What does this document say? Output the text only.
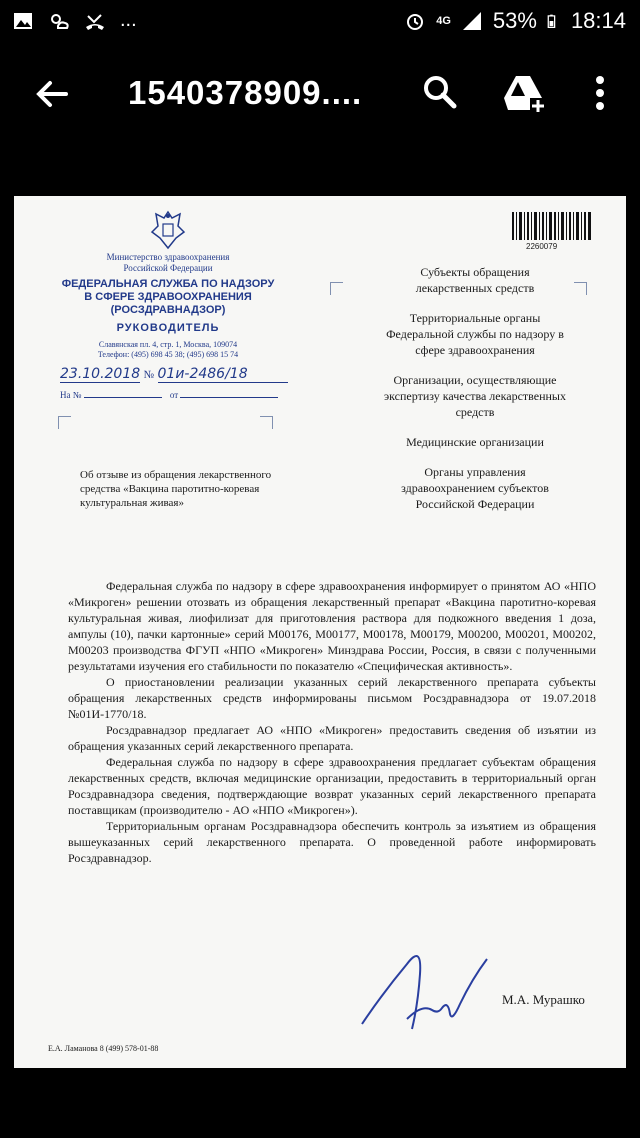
...	4G 53% 18:14
1540378909....
Министерство здравоохранения
Российской Федерации
ФЕДЕРАЛЬНАЯ СЛУЖБА ПО НАДЗОРУ
В СФЕРЕ ЗДРАВООХРАНЕНИЯ
(РОСЗДРАВНАДЗОР)
РУКОВОДИТЕЛЬ
Славянская пл. 4, стр. 1, Москва, 109074
Телефон: (495) 698 45 38; (495) 698 15 74
23.10.2018 № 01и-2486/18
На №	от
Об отзыве из обращения лекарственного средства «Вакцина паротитно-коревая культуральная живая»
2260079
Субъекты обращения лекарственных средств
Территориальные органы Федеральной службы по надзору в сфере здравоохранения
Организации, осуществляющие экспертизу качества лекарственных средств
Медицинские организации
Органы управления здравоохранением субъектов Российской Федерации

Федеральная служба по надзору в сфере здравоохранения информирует о принятом АО «НПО «Микроген» решении отозвать из обращения лекарственный препарат «Вакцина паротитно-коревая культуральная живая, лиофилизат для приготовления раствора для подкожного введения 1 доза, ампулы (10), пачки картонные» серий М00176, М00177, М00178, М00179, М00200, М00201, М00202, М00203 производства ФГУП «НПО «Микроген» Минздрава России, Россия, в связи с полученными результатами изучения его стабильности по показателю «Специфическая активность».

О приостановлении реализации указанных серий лекарственного препарата субъекты обращения лекарственных средств информированы письмом Росздравнадзора от 19.07.2018 №01И-1770/18.

Росздравнадзор предлагает АО «НПО «Микроген» предоставить сведения об изъятии из обращения указанных серий лекарственного препарата.

Федеральная служба по надзору в сфере здравоохранения предлагает субъектам обращения лекарственных средств, включая медицинские организации, предоставить в территориальный орган Росздравнадзора сведения, подтверждающие возврат указанных серий лекарственного препарата поставщикам (производителю - АО «НПО «Микроген»).

Территориальным органам Росздравнадзора обеспечить контроль за изъятием из обращения вышеуказанных серий лекарственного препарата. О проведенной работе информировать Росздравнадзор.

М.А. Мурашко
Е.А. Ламанова 8 (499) 578-01-88
